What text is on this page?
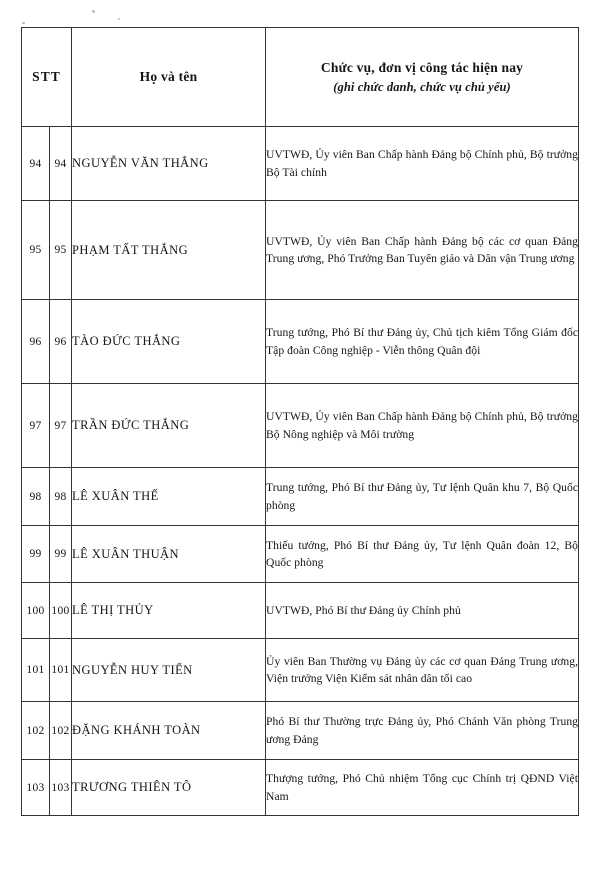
STT		Họ và tên	Chức vụ, đơn vị công tác hiện nay
(ghi chức danh, chức vụ chủ yếu)

94	94	NGUYỄN VĂN THẮNG	UVTWĐ, Ủy viên Ban Chấp hành Đảng bộ Chính phủ, Bộ trưởng Bộ Tài chính

95	95	PHẠM TẤT THẮNG	UVTWĐ, Ủy viên Ban Chấp hành Đảng bộ các cơ quan Đảng Trung ương, Phó Trưởng Ban Tuyên giáo và Dân vận Trung ương

96	96	TÀO ĐỨC THẮNG	Trung tướng, Phó Bí thư Đảng ủy, Chủ tịch kiêm Tổng Giám đốc Tập đoàn Công nghiệp - Viễn thông Quân đội

97	97	TRẦN ĐỨC THẮNG	UVTWĐ, Ủy viên Ban Chấp hành Đảng bộ Chính phủ, Bộ trưởng Bộ Nông nghiệp và Môi trường

98	98	LÊ XUÂN THẾ	Trung tướng, Phó Bí thư Đảng ủy, Tư lệnh Quân khu 7, Bộ Quốc phòng

99	99	LÊ XUÂN THUẬN	Thiếu tướng, Phó Bí thư Đảng ủy, Tư lệnh Quân đoàn 12, Bộ Quốc phòng

100	100	LÊ THỊ THỦY	UVTWĐ, Phó Bí thư Đảng ủy Chính phủ

101	101	NGUYỄN HUY TIẾN	Ủy viên Ban Thường vụ Đảng ủy các cơ quan Đảng Trung ương, Viện trưởng Viện Kiểm sát nhân dân tối cao

102	102	ĐẶNG KHÁNH TOÀN	Phó Bí thư Thường trực Đảng ủy, Phó Chánh Văn phòng Trung ương Đảng

103	103	TRƯƠNG THIÊN TÔ	Thượng tướng, Phó Chủ nhiệm Tổng cục Chính trị QĐND Việt Nam
